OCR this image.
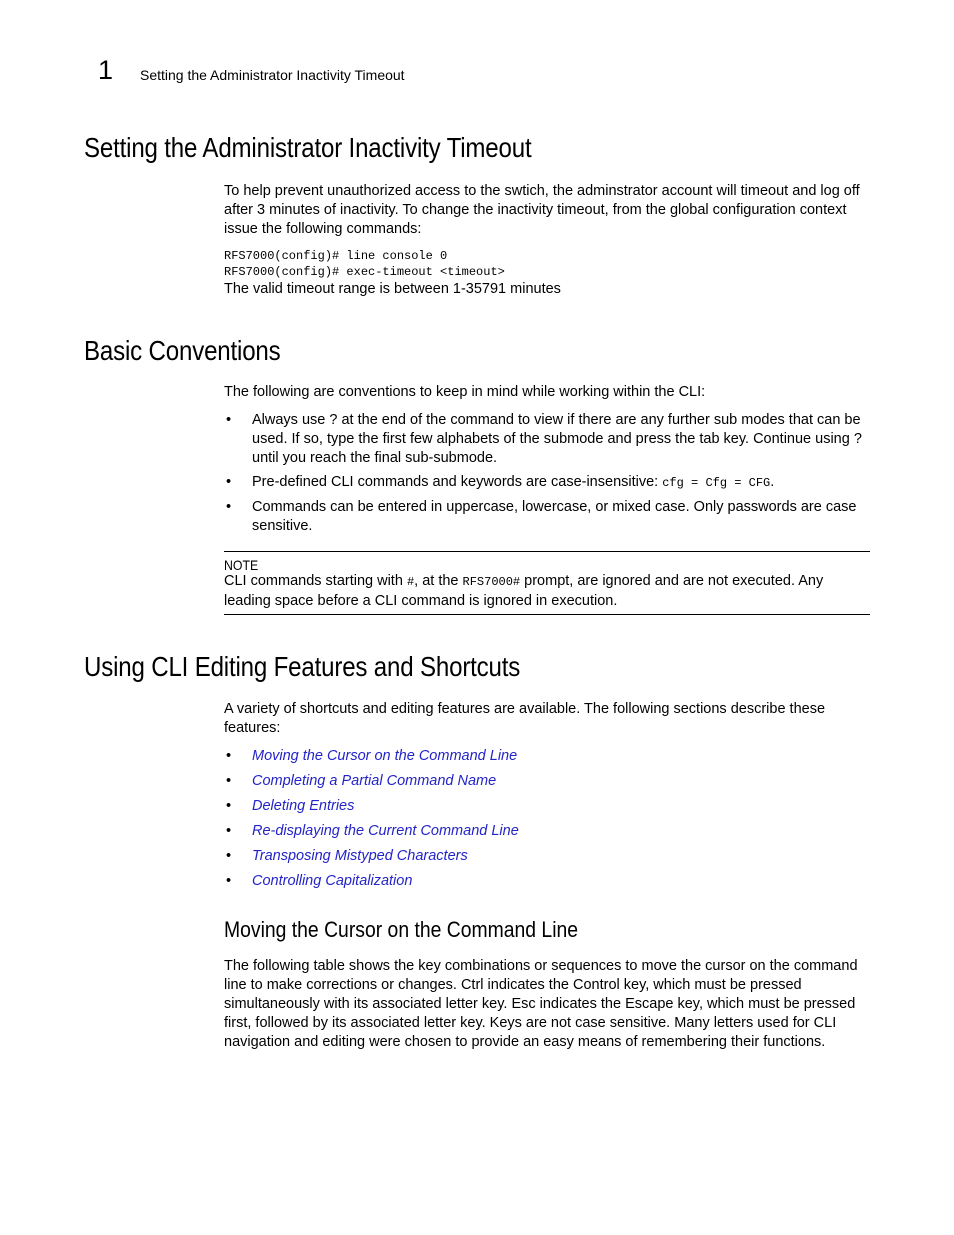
1 Setting the Administrator Inactivity Timeout
Setting the Administrator Inactivity Timeout

To help prevent unauthorized access to the swtich, the adminstrator account will timeout and log off after 3 minutes of inactivity. To change the inactivity timeout, from the global configuration context issue the following commands:

RFS7000(config)# line console 0
RFS7000(config)# exec-timeout <timeout>

The valid timeout range is between 1-35791 minutes

Basic Conventions

The following are conventions to keep in mind while working within the CLI:

• Always use ? at the end of the command to view if there are any further sub modes that can be used. If so, type the first few alphabets of the submode and press the tab key. Continue using ? until you reach the final sub-submode.
• Pre-defined CLI commands and keywords are case-insensitive: cfg = Cfg = CFG.
• Commands can be entered in uppercase, lowercase, or mixed case. Only passwords are case sensitive.
NOTE

CLI commands starting with #, at the RFS7000# prompt, are ignored and are not executed. Any leading space before a CLI command is ignored in execution.

Using CLI Editing Features and Shortcuts

A variety of shortcuts and editing features are available. The following sections describe these features:

• Moving the Cursor on the Command Line
• Completing a Partial Command Name
• Deleting Entries
• Re-displaying the Current Command Line
• Transposing Mistyped Characters
• Controlling Capitalization
Moving the Cursor on the Command Line

The following table shows the key combinations or sequences to move the cursor on the command line to make corrections or changes. Ctrl indicates the Control key, which must be pressed simultaneously with its associated letter key. Esc indicates the Escape key, which must be pressed first, followed by its associated letter key. Keys are not case sensitive. Many letters used for CLI navigation and editing were chosen to provide an easy means of remembering their functions.
